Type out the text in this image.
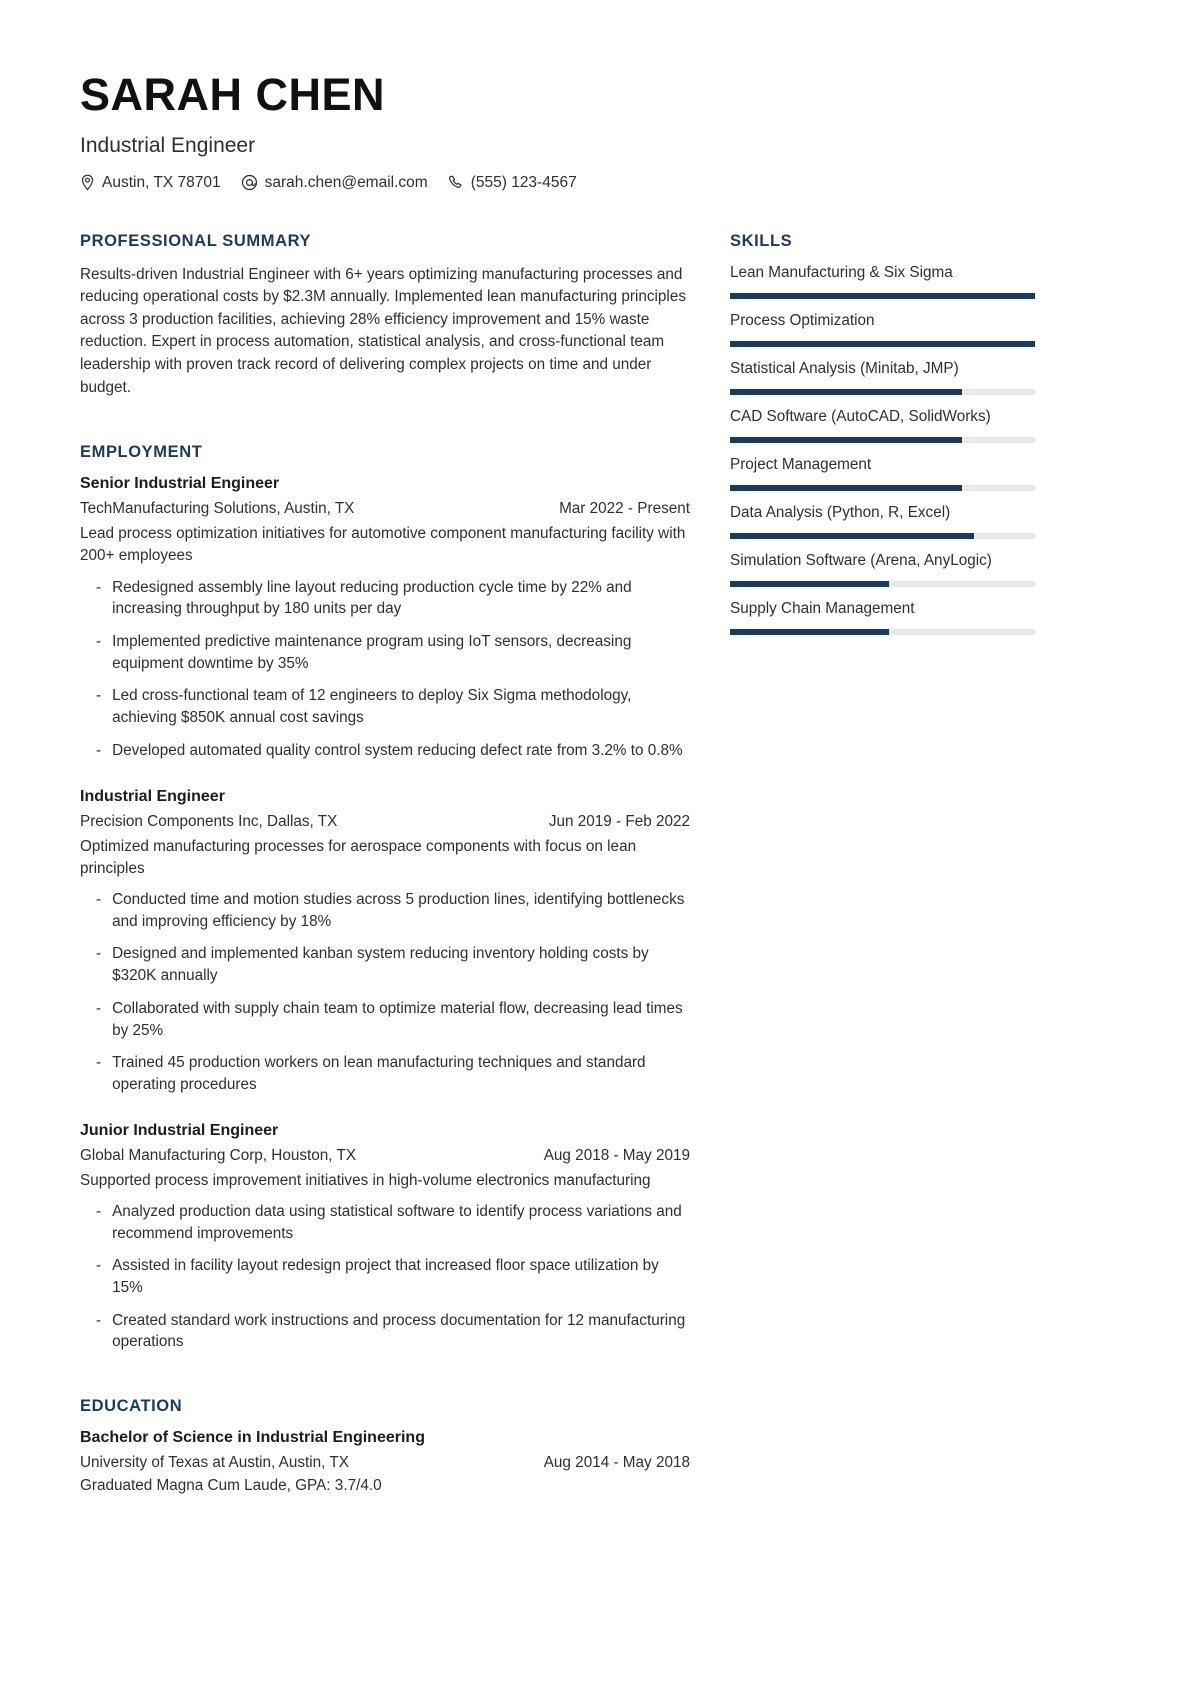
SARAH CHEN
Industrial Engineer
Austin, TX 78701	sarah.chen@email.com	(555) 123-4567
PROFESSIONAL SUMMARY
Results-driven Industrial Engineer with 6+ years optimizing manufacturing processes and reducing operational costs by $2.3M annually. Implemented lean manufacturing principles across 3 production facilities, achieving 28% efficiency improvement and 15% waste reduction. Expert in process automation, statistical analysis, and cross-functional team leadership with proven track record of delivering complex projects on time and under budget.
EMPLOYMENT
Senior Industrial Engineer
TechManufacturing Solutions, Austin, TX	Mar 2022 - Present
Lead process optimization initiatives for automotive component manufacturing facility with 200+ employees
- Redesigned assembly line layout reducing production cycle time by 22% and increasing throughput by 180 units per day
- Implemented predictive maintenance program using IoT sensors, decreasing equipment downtime by 35%
- Led cross-functional team of 12 engineers to deploy Six Sigma methodology, achieving $850K annual cost savings
- Developed automated quality control system reducing defect rate from 3.2% to 0.8%
Industrial Engineer
Precision Components Inc, Dallas, TX	Jun 2019 - Feb 2022
Optimized manufacturing processes for aerospace components with focus on lean principles
- Conducted time and motion studies across 5 production lines, identifying bottlenecks and improving efficiency by 18%
- Designed and implemented kanban system reducing inventory holding costs by $320K annually
- Collaborated with supply chain team to optimize material flow, decreasing lead times by 25%
- Trained 45 production workers on lean manufacturing techniques and standard operating procedures
Junior Industrial Engineer
Global Manufacturing Corp, Houston, TX	Aug 2018 - May 2019
Supported process improvement initiatives in high-volume electronics manufacturing
- Analyzed production data using statistical software to identify process variations and recommend improvements
- Assisted in facility layout redesign project that increased floor space utilization by 15%
- Created standard work instructions and process documentation for 12 manufacturing operations
EDUCATION
Bachelor of Science in Industrial Engineering
University of Texas at Austin, Austin, TX	Aug 2014 - May 2018
Graduated Magna Cum Laude, GPA: 3.7/4.0
SKILLS
Lean Manufacturing & Six Sigma
Process Optimization
Statistical Analysis (Minitab, JMP)
CAD Software (AutoCAD, SolidWorks)
Project Management
Data Analysis (Python, R, Excel)
Simulation Software (Arena, AnyLogic)
Supply Chain Management
